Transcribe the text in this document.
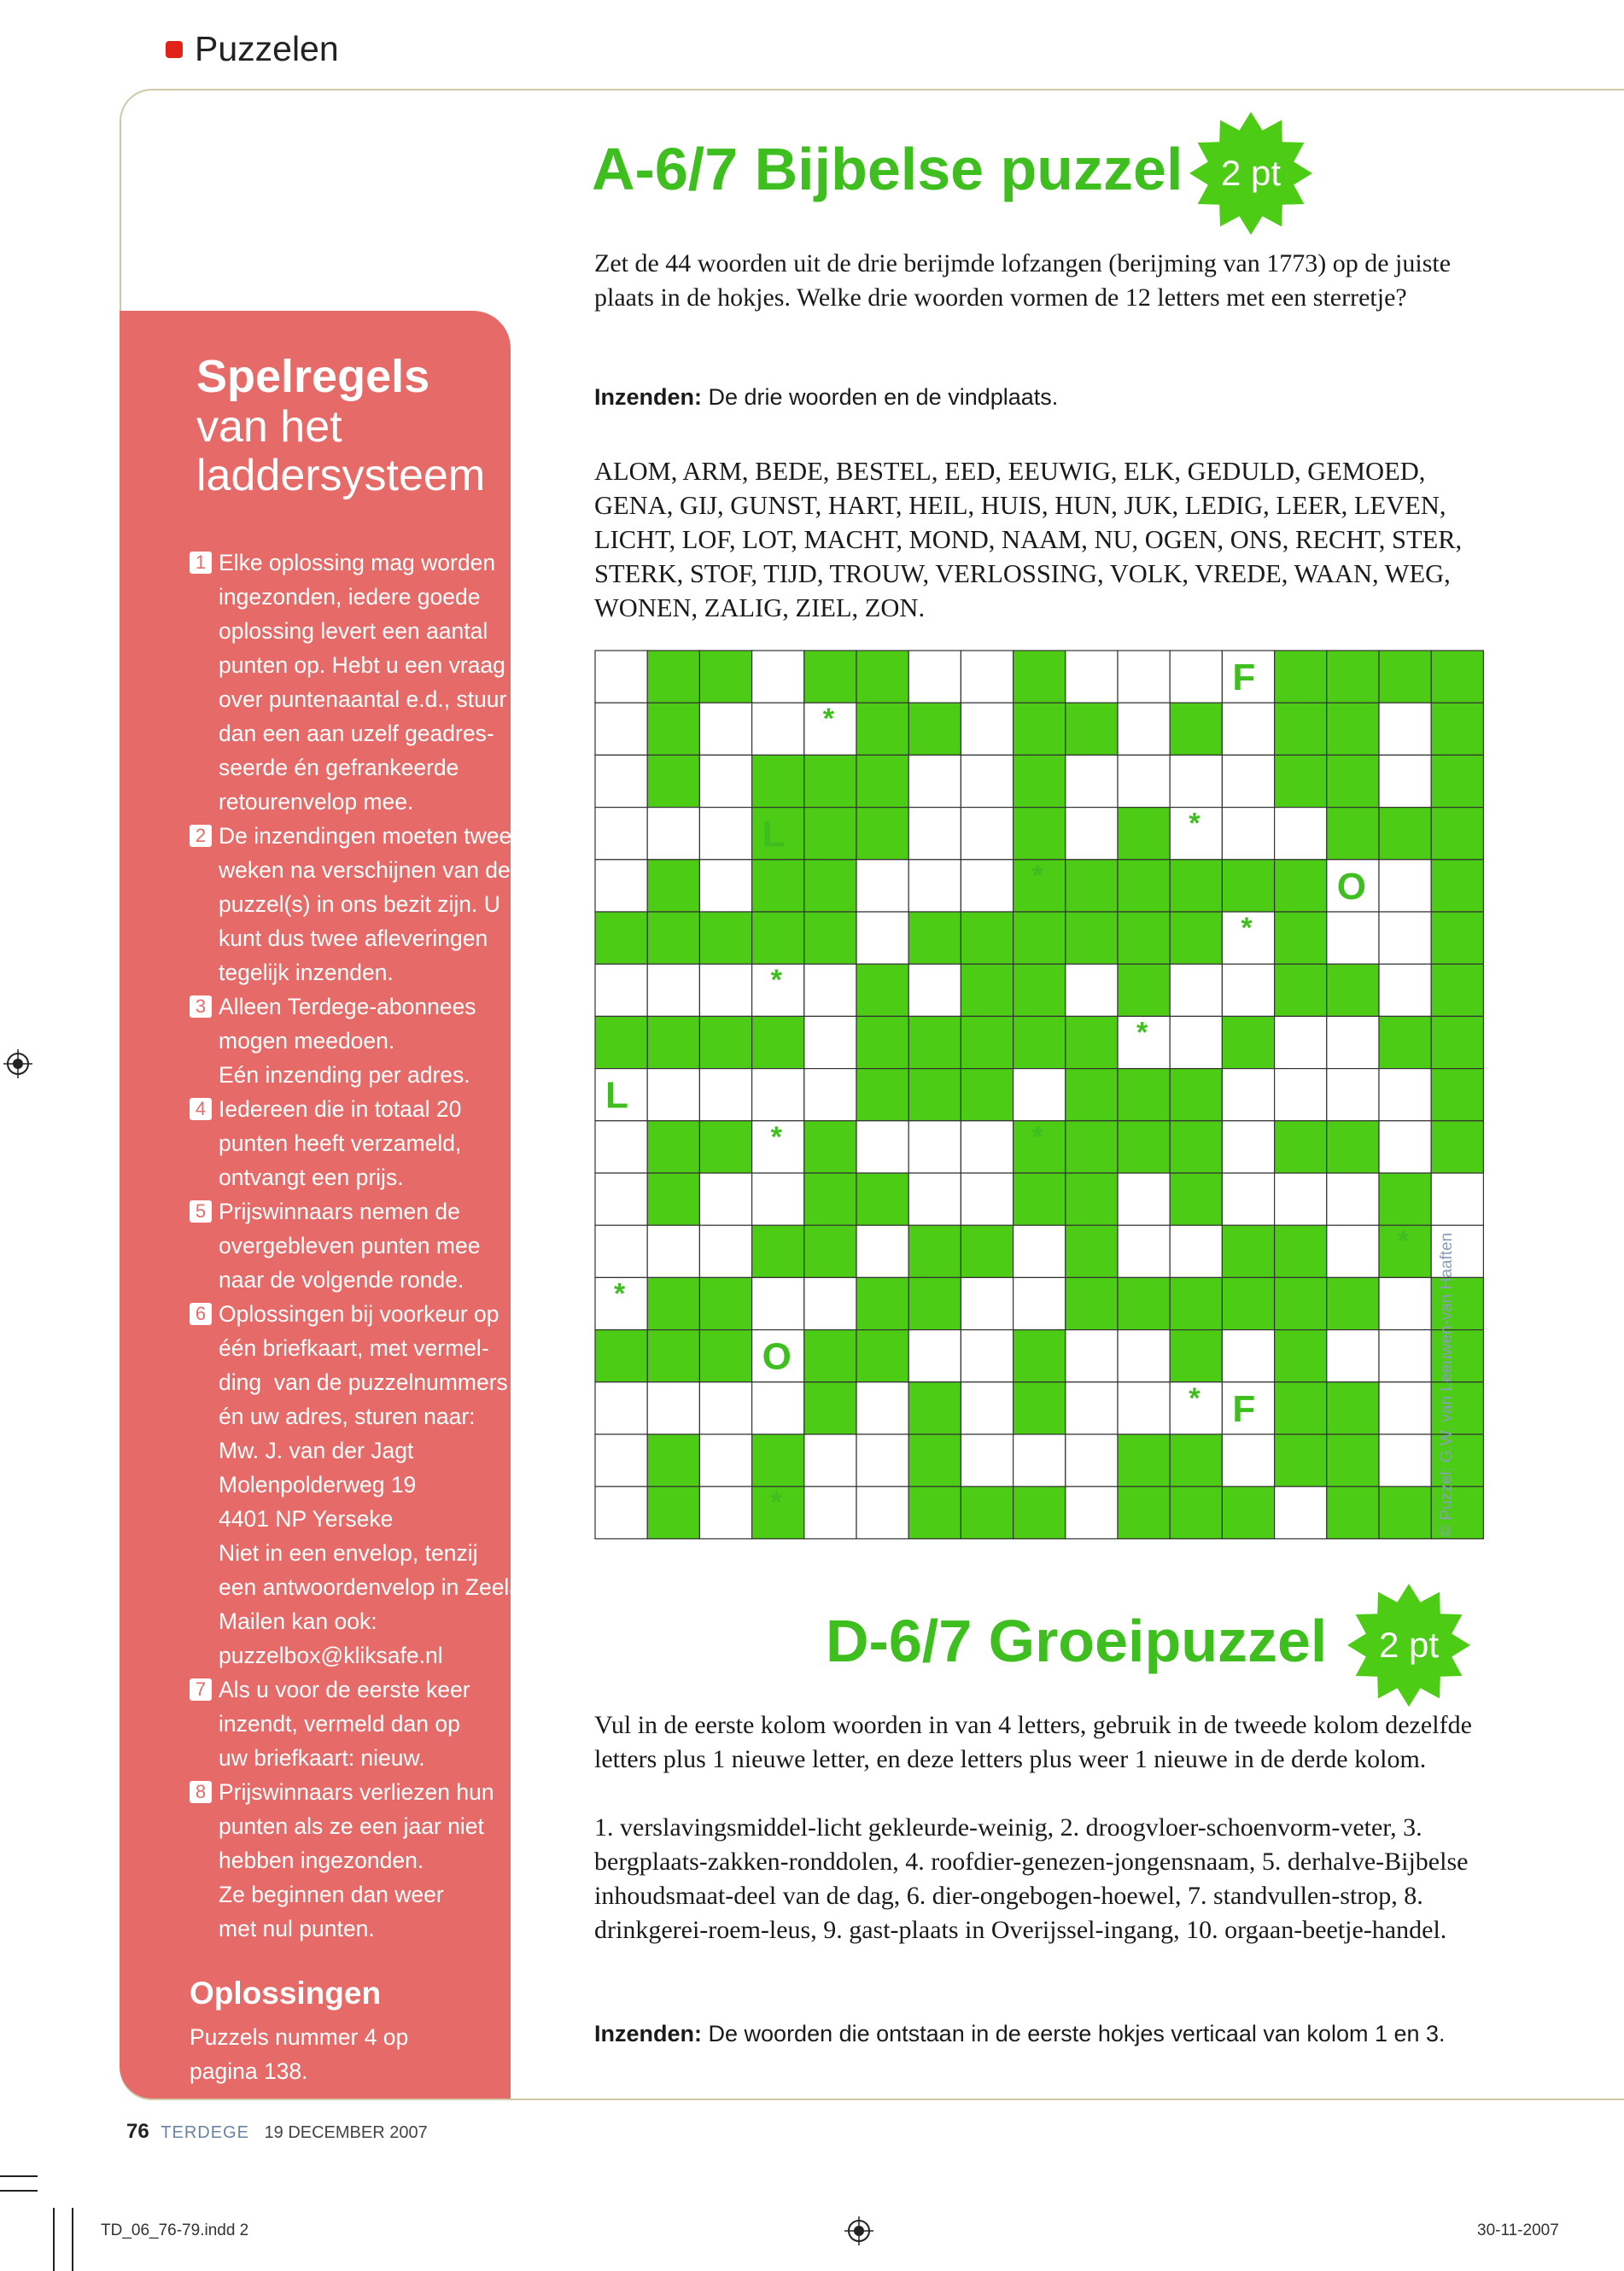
Puzzelen
Spelregels
van het
laddersysteem
1 Elke oplossing mag worden
ingezonden, iedere goede
oplossing levert een aantal
punten op. Hebt u een vraag
over puntenaantal e.d., stuur
dan een aan uzelf geadres-
seerde én gefrankeerde
retourenvelop mee.
2 De inzendingen moeten twee
weken na verschijnen van de
puzzel(s) in ons bezit zijn. U
kunt dus twee afleveringen
tegelijk inzenden.
3 Alleen Terdege-abonnees
mogen meedoen.
Eén inzending per adres.
4 Iedereen die in totaal 20
punten heeft verzameld,
ontvangt een prijs.
5 Prijswinnaars nemen de
overgebleven punten mee
naar de volgende ronde.
6 Oplossingen bij voorkeur op
één briefkaart, met vermel-
ding  van de puzzelnummers
én uw adres, sturen naar:
Mw. J. van der Jagt
Molenpolderweg 19
4401 NP Yerseke
Niet in een envelop, tenzij
een antwoordenvelop in Zeeland.
Mailen kan ook:
puzzelbox@kliksafe.nl
7 Als u voor de eerste keer
inzendt, vermeld dan op
uw briefkaart: nieuw.
8 Prijswinnaars verliezen hun
punten als ze een jaar niet
hebben ingezonden.
Ze beginnen dan weer
met nul punten.
Oplossingen
Puzzels nummer 4 op
pagina 138.
A-6/7 Bijbelse puzzel	2 pt
Zet de 44 woorden uit de drie berijmde lofzangen (berijming van 1773) op de juiste plaats in de hokjes. Welke drie woorden vormen de 12 letters met een sterretje?
Inzenden: De drie woorden en de vindplaats.
ALOM, ARM, BEDE, BESTEL, EED, EEUWIG, ELK, GEDULD, GEMOED, GENA, GIJ, GUNST, HART, HEIL, HUIS, HUN, JUK, LEDIG, LEER, LEVEN, LICHT, LOF, LOT, MACHT, MOND, NAAM, NU, OGEN, ONS, RECHT, STER, STERK, STOF, TIJD, TROUW, VERLOSSING, VOLK, VREDE, WAAN, WEG, WONEN, ZALIG, ZIEL, ZON.
F
L
O
L
O
F
*
*
*
*
*
*
*	*
*
*
*
*	© Puzzel: G.W. van Leeuwen-van Haaften
D-6/7 Groeipuzzel	2 pt
Vul in de eerste kolom woorden in van 4 letters, gebruik in de tweede kolom dezelfde letters plus 1 nieuwe letter, en deze letters plus weer 1 nieuwe in de derde kolom.
1. verslavingsmiddel-licht gekleurde-weinig, 2. droogvloer-schoenvorm-veter, 3. bergplaats-zakken-ronddolen, 4. roofdier-genezen-jongensnaam, 5. derhalve-Bijbelse inhoudsmaat-deel van de dag, 6. dier-ongebogen-hoewel, 7. standvullen-strop, 8. drinkgerei-roem-leus, 9. gast-plaats in Overijssel-ingang, 10. orgaan-beetje-handel.
Inzenden: De woorden die ontstaan in de eerste hokjes verticaal van kolom 1 en 3.
76 TERDEGE 19 DECEMBER 2007
TD_06_76-79.indd 2	30-11-2007
